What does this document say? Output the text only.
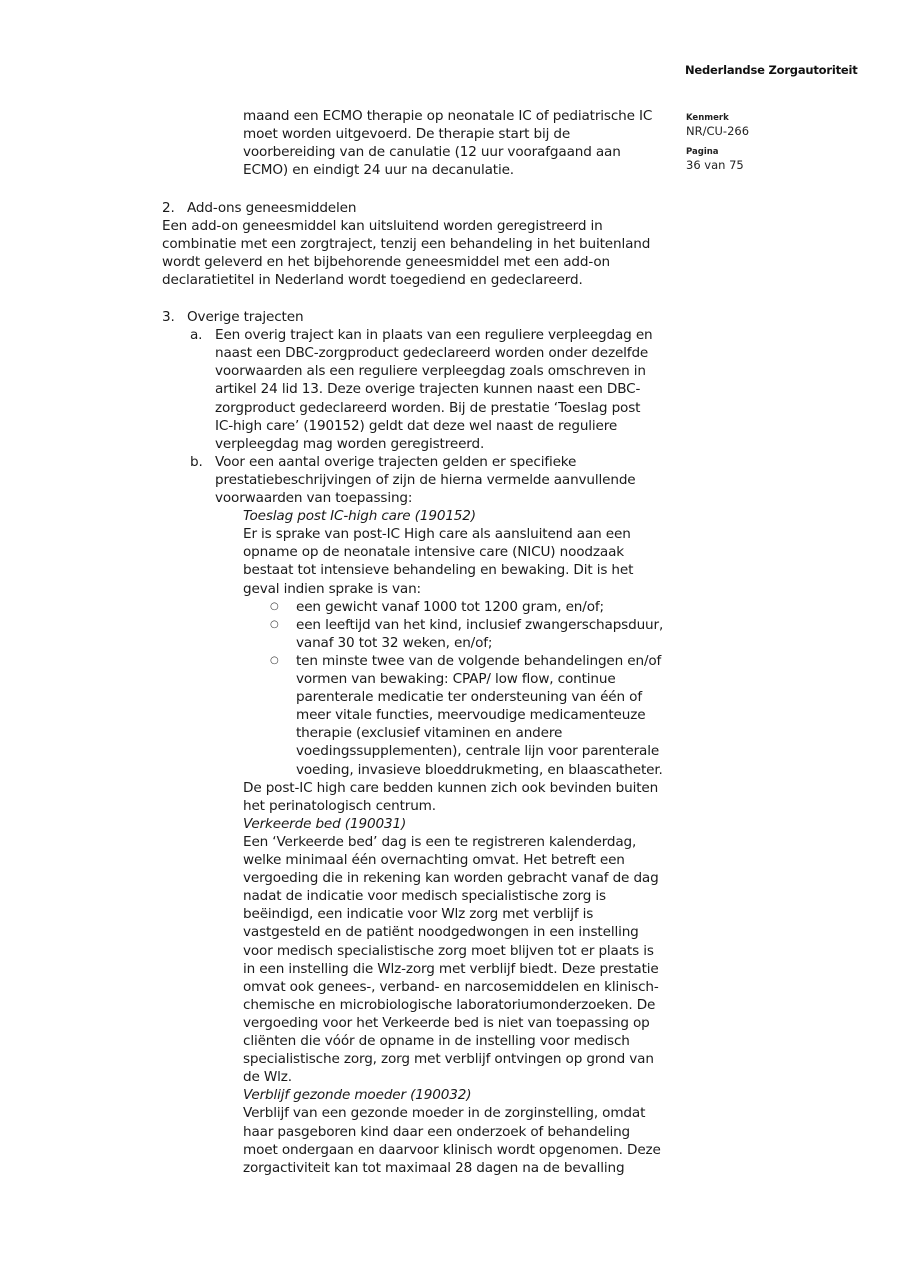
Nederlandse Zorgautoriteit
Kenmerk
NR/CU-266
Pagina
36 van 75
maand een ECMO therapie op neonatale IC of pediatrische IC
moet worden uitgevoerd. De therapie start bij de
voorbereiding van de canulatie (12 uur voorafgaand aan
ECMO) en eindigt 24 uur na decanulatie.
2. Add-ons geneesmiddelen
Een add-on geneesmiddel kan uitsluitend worden geregistreerd in
combinatie met een zorgtraject, tenzij een behandeling in het buitenland
wordt geleverd en het bijbehorende geneesmiddel met een add-on
declaratietitel in Nederland wordt toegediend en gedeclareerd.
3. Overige trajecten
a. Een overig traject kan in plaats van een reguliere verpleegdag en
naast een DBC-zorgproduct gedeclareerd worden onder dezelfde
voorwaarden als een reguliere verpleegdag zoals omschreven in
artikel 24 lid 13. Deze overige trajecten kunnen naast een DBC-
zorgproduct gedeclareerd worden. Bij de prestatie ‘Toeslag post
IC-high care’ (190152) geldt dat deze wel naast de reguliere
verpleegdag mag worden geregistreerd.
b. Voor een aantal overige trajecten gelden er specifieke
prestatiebeschrijvingen of zijn de hierna vermelde aanvullende
voorwaarden van toepassing:
Toeslag post IC-high care (190152)
Er is sprake van post-IC High care als aansluitend aan een
opname op de neonatale intensive care (NICU) noodzaak
bestaat tot intensieve behandeling en bewaking. Dit is het
geval indien sprake is van:
○ een gewicht vanaf 1000 tot 1200 gram, en/of;
○ een leeftijd van het kind, inclusief zwangerschapsduur,
vanaf 30 tot 32 weken, en/of;
○ ten minste twee van de volgende behandelingen en/of
vormen van bewaking: CPAP/ low flow, continue
parenterale medicatie ter ondersteuning van één of
meer vitale functies, meervoudige medicamenteuze
therapie (exclusief vitaminen en andere
voedingssupplementen), centrale lijn voor parenterale
voeding, invasieve bloeddrukmeting, en blaascatheter.
De post-IC high care bedden kunnen zich ook bevinden buiten
het perinatologisch centrum.
Verkeerde bed (190031)
Een ‘Verkeerde bed’ dag is een te registreren kalenderdag,
welke minimaal één overnachting omvat. Het betreft een
vergoeding die in rekening kan worden gebracht vanaf de dag
nadat de indicatie voor medisch specialistische zorg is
beëindigd, een indicatie voor Wlz zorg met verblijf is
vastgesteld en de patiënt noodgedwongen in een instelling
voor medisch specialistische zorg moet blijven tot er plaats is
in een instelling die Wlz-zorg met verblijf biedt. Deze prestatie
omvat ook genees-, verband- en narcosemiddelen en klinisch-
chemische en microbiologische laboratoriumonderzoeken. De
vergoeding voor het Verkeerde bed is niet van toepassing op
cliënten die vóór de opname in de instelling voor medisch
specialistische zorg, zorg met verblijf ontvingen op grond van
de Wlz.
Verblijf gezonde moeder (190032)
Verblijf van een gezonde moeder in de zorginstelling, omdat
haar pasgeboren kind daar een onderzoek of behandeling
moet ondergaan en daarvoor klinisch wordt opgenomen. Deze
zorgactiviteit kan tot maximaal 28 dagen na de bevalling
